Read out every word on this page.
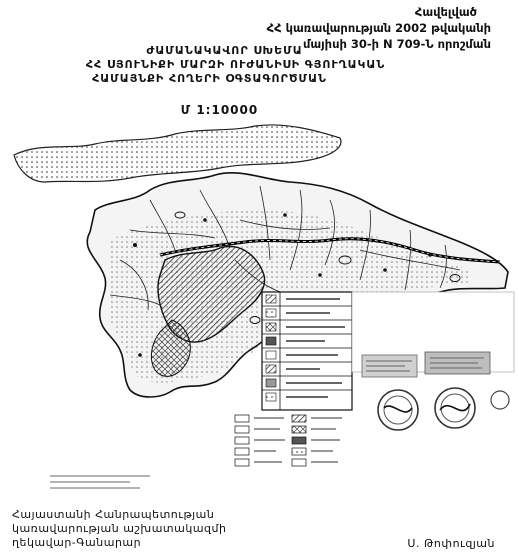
Հավելված
ՀՀ կառավարության 2002 թվականի
մայիսի 30-ի N 709-Ն որոշման
ԺԱՄԱՆԱԿԱՎՈՐ ՍԽԵՄԱ
ՀՀ ՍՅՈՒՆԻՔԻ ՄԱՐԶԻ ՈՒԺԱՆԻՍԻ ԳՅՈՒՂԱԿԱՆ
ՀԱՄԱՅՆՔԻ ՀՈՂԵՐԻ ՕԳՏԱԳՈՐԾՄԱՆ
Մ 1:10000
Հայաստանի Հանրապետության
կառավարության աշխատակազմի
ղեկավար-Գանարար	Ս. Թոփուզյան
